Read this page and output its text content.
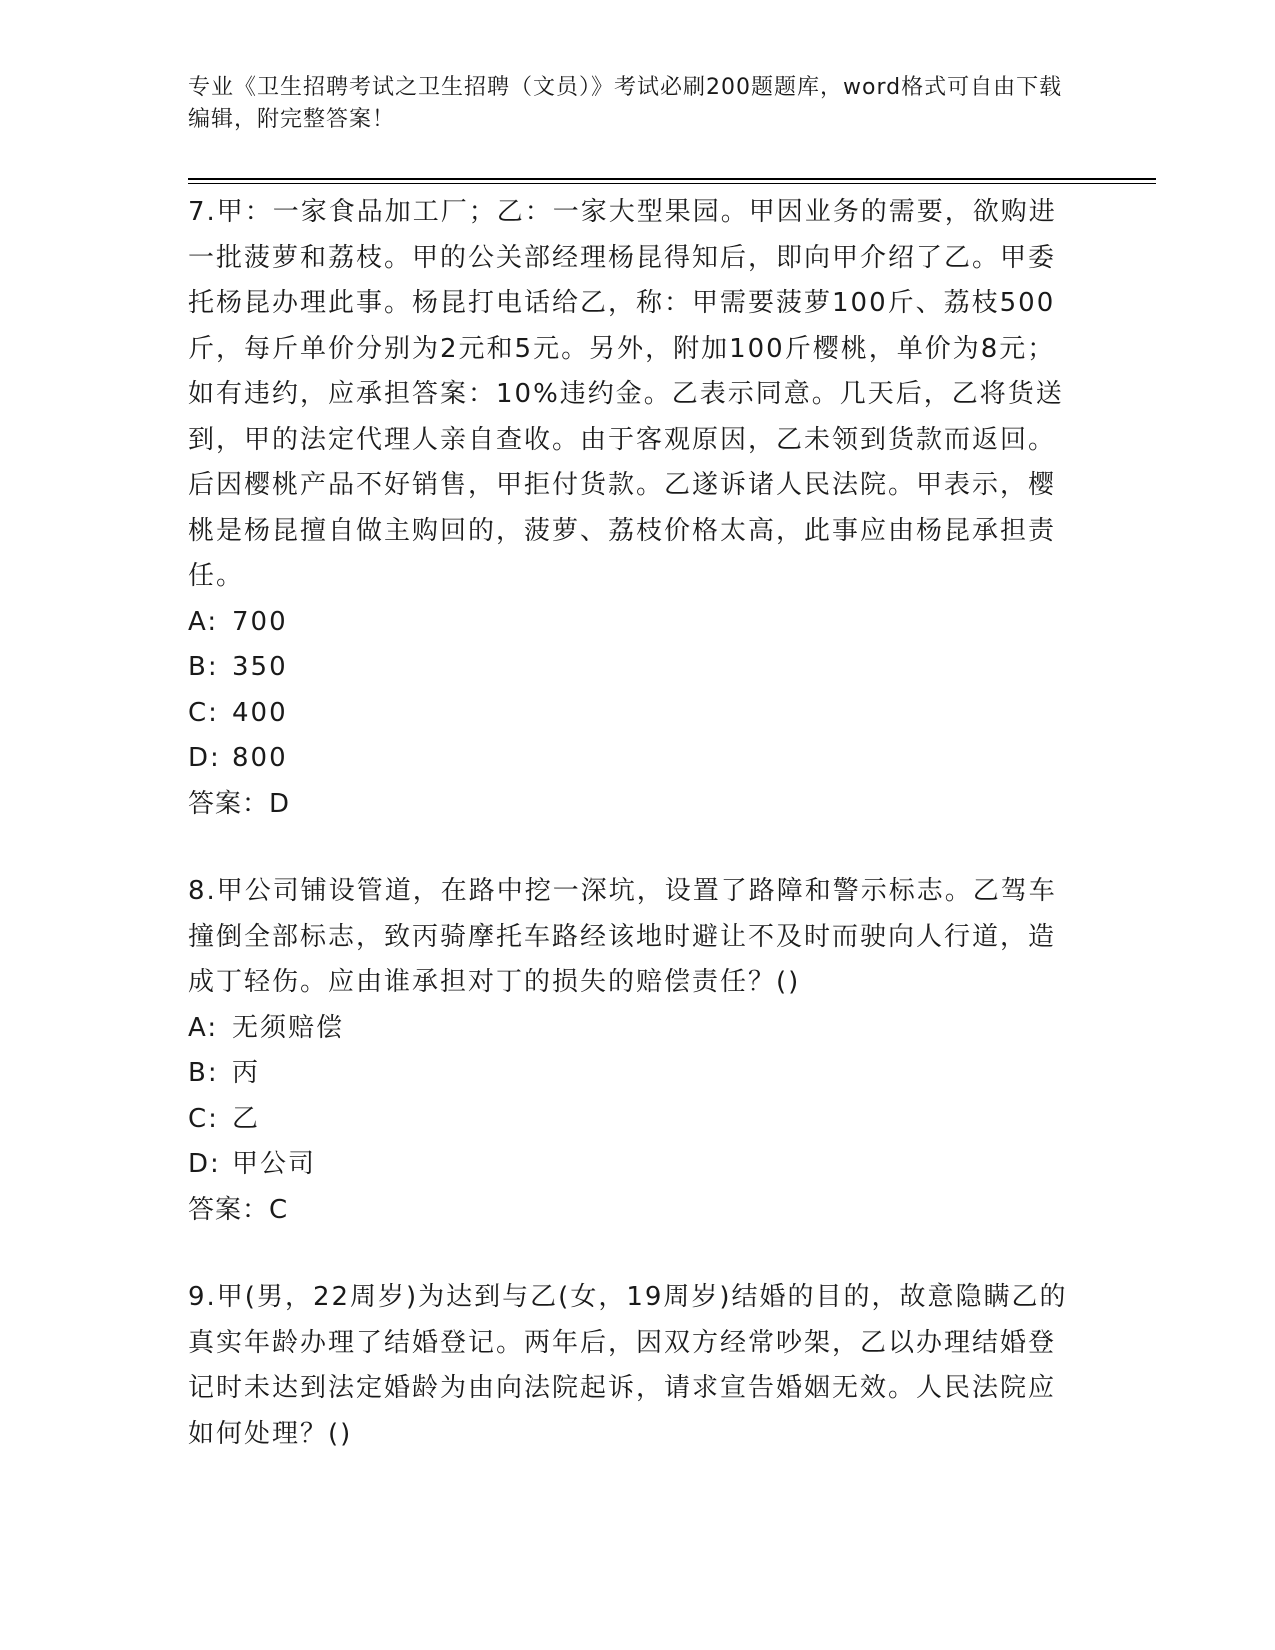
专业《卫生招聘考试之卫生招聘（文员）》考试必刷200题题库，word格式可自由下载编辑，附完整答案！

7.甲：一家食品加工厂；乙：一家大型果园。甲因业务的需要，欲购进一批菠萝和荔枝。甲的公关部经理杨昆得知后，即向甲介绍了乙。甲委托杨昆办理此事。杨昆打电话给乙，称：甲需要菠萝100斤、荔枝500斤，每斤单价分别为2元和5元。另外，附加100斤樱桃，单价为8元；如有违约，应承担答案：10%违约金。乙表示同意。几天后，乙将货送到，甲的法定代理人亲自查收。由于客观原因，乙未领到货款而返回。后因樱桃产品不好销售，甲拒付货款。乙遂诉诸人民法院。甲表示，樱桃是杨昆擅自做主购回的，菠萝、荔枝价格太高，此事应由杨昆承担责任。

A: 700

B: 350

C: 400

D: 800

答案：D

8.甲公司铺设管道，在路中挖一深坑，设置了路障和警示标志。乙驾车撞倒全部标志，致丙骑摩托车路经该地时避让不及时而驶向人行道，造成丁轻伤。应由谁承担对丁的损失的赔偿责任？()

A: 无须赔偿

B: 丙

C: 乙

D: 甲公司

答案：C

9.甲(男，22周岁)为达到与乙(女，19周岁)结婚的目的，故意隐瞒乙的真实年龄办理了结婚登记。两年后，因双方经常吵架，乙以办理结婚登记时未达到法定婚龄为由向法院起诉，请求宣告婚姻无效。人民法院应如何处理？()
